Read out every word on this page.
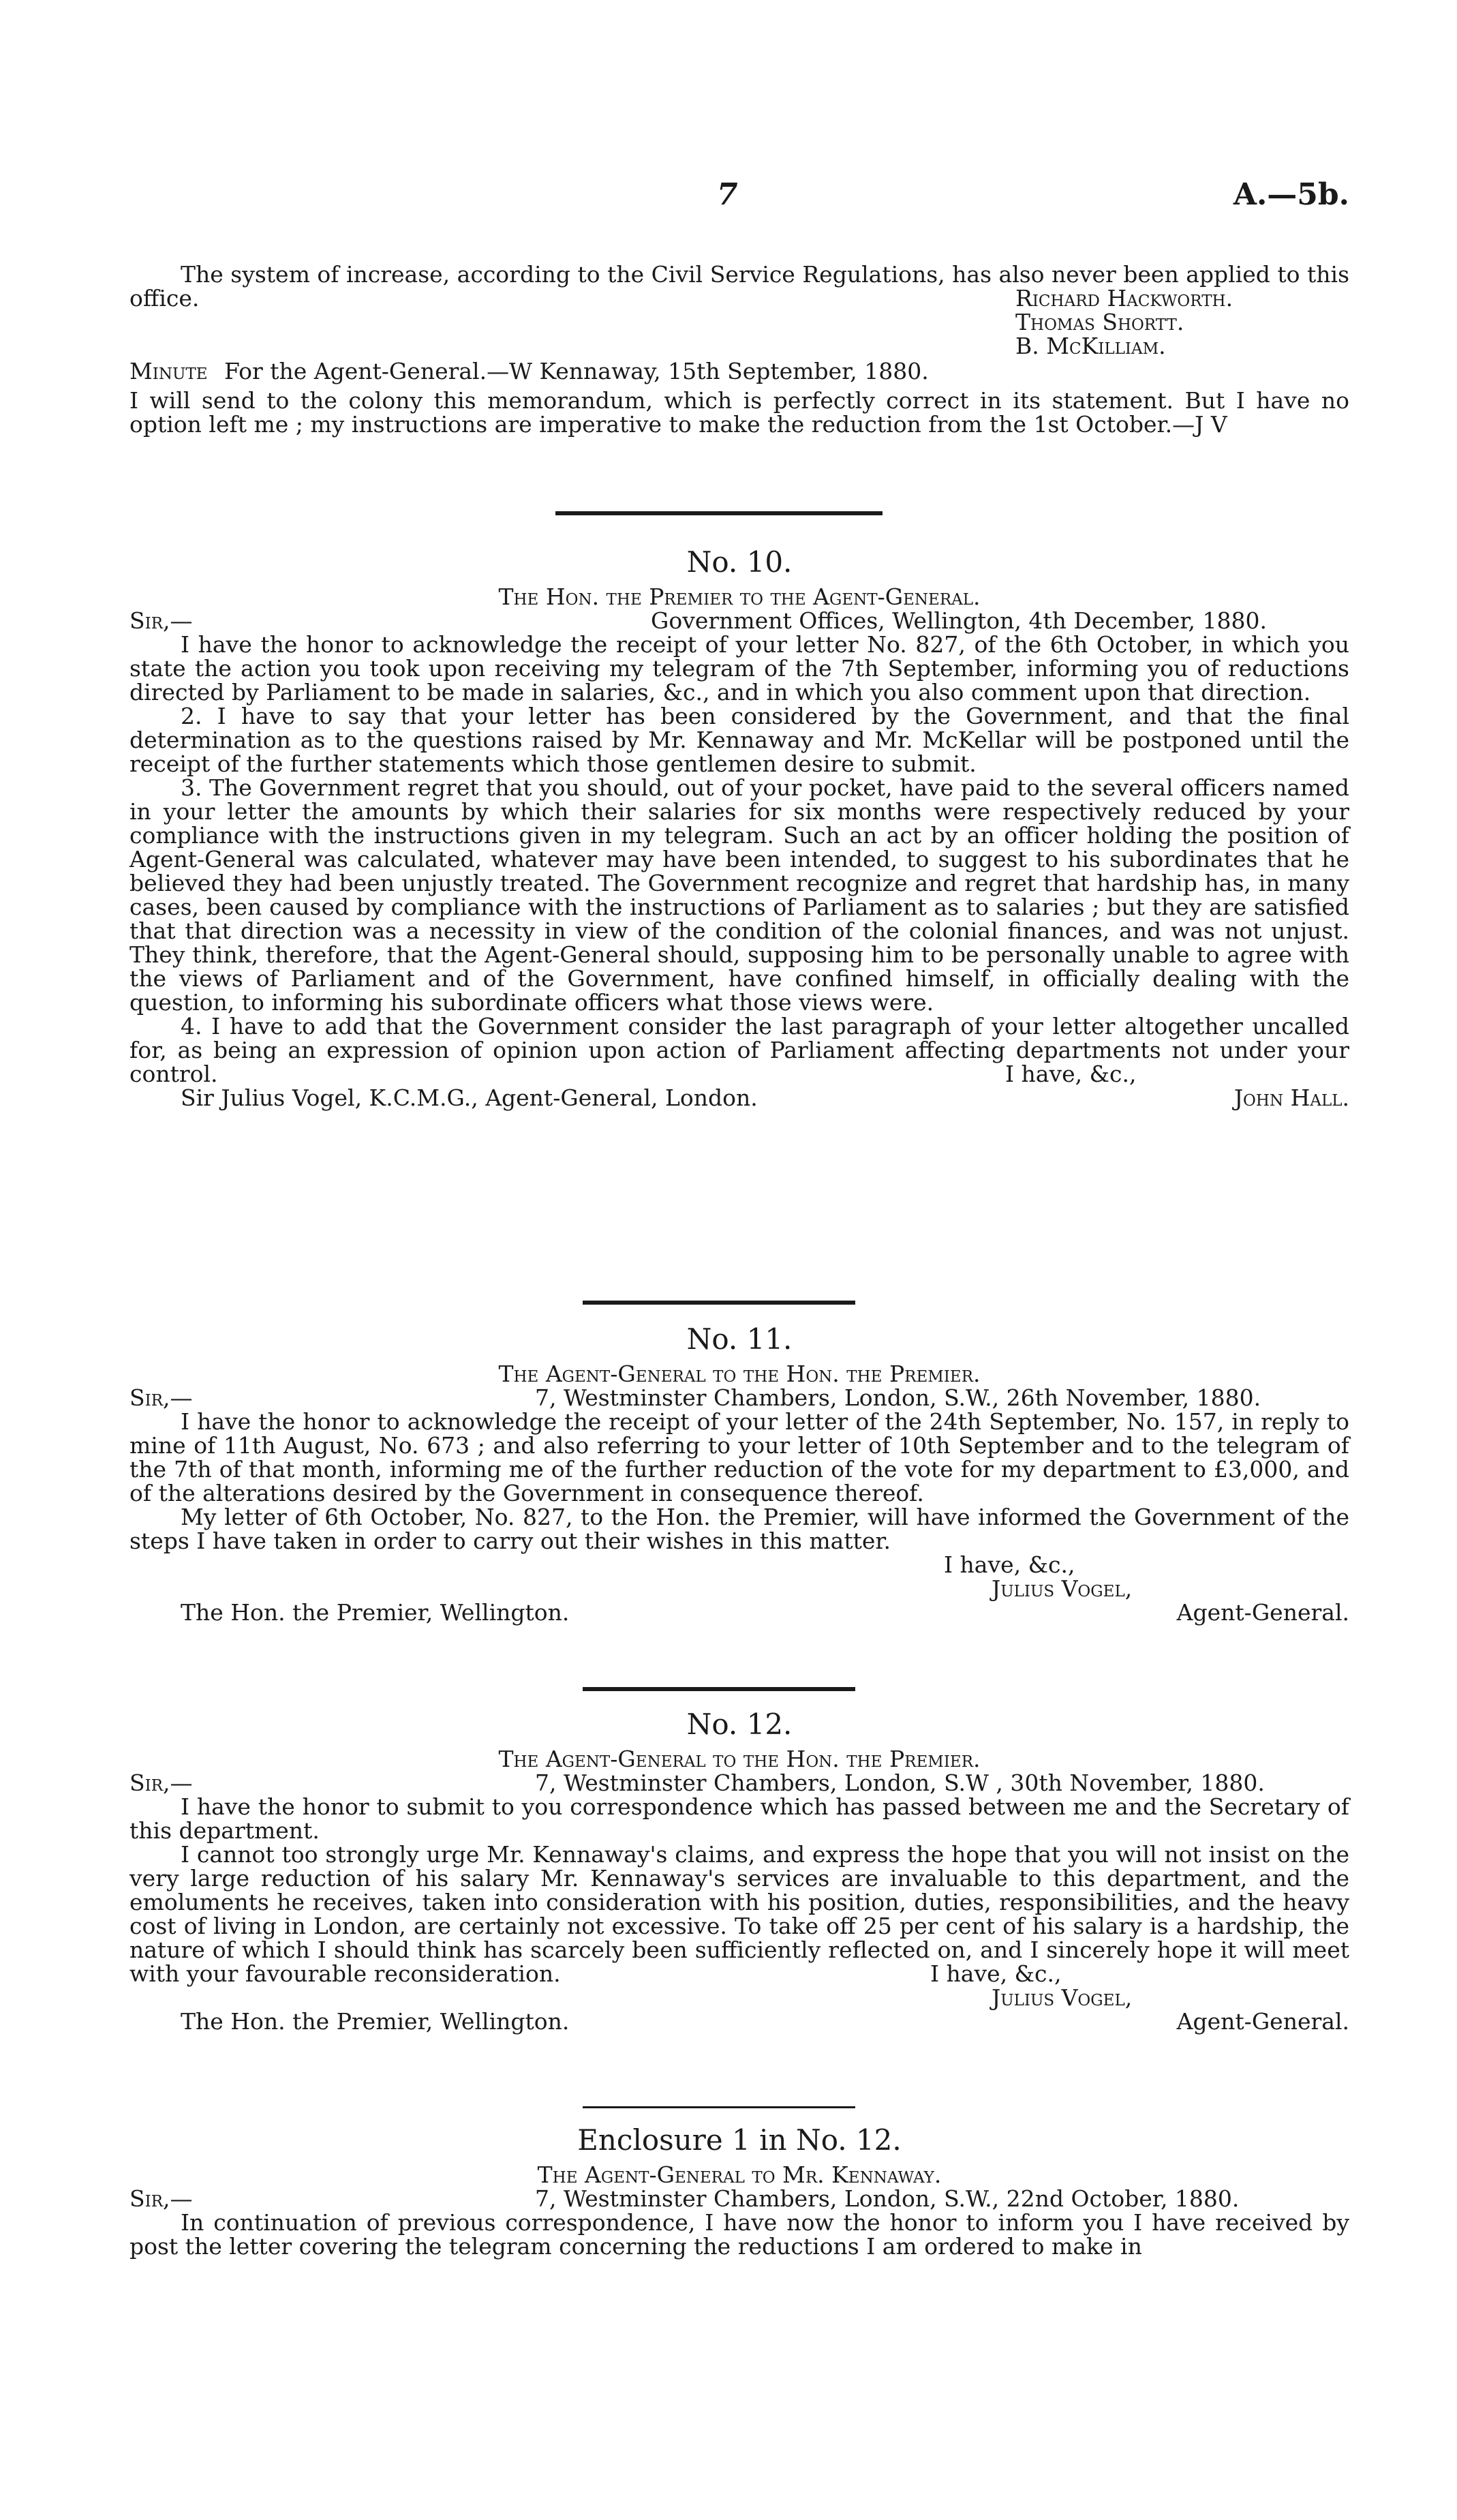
7	A.—5b.

The system of increase, according to the Civil Service Regulations, has also never been applied to this office.	Richard Hackworth.
Thomas Shortt.
B. McKilliam.

Minute For the Agent-General.—W Kennaway, 15th September, 1880.

I will send to the colony this memorandum, which is perfectly correct in its statement. But I have no option left me ; my instructions are imperative to make the reduction from the 1st October.—J V

No. 10.
The Hon. the Premier to the Agent-General.
Sir,—	Government Offices, Wellington, 4th December, 1880.

I have the honor to acknowledge the receipt of your letter No. 827, of the 6th October, in which you state the action you took upon receiving my telegram of the 7th September, informing you of reductions directed by Parliament to be made in salaries, &c., and in which you also comment upon that direction.

2. I have to say that your letter has been considered by the Government, and that the final determination as to the questions raised by Mr. Kennaway and Mr. McKellar will be postponed until the receipt of the further statements which those gentlemen desire to submit.

3. The Government regret that you should, out of your pocket, have paid to the several officers named in your letter the amounts by which their salaries for six months were respectively reduced by your compliance with the instructions given in my telegram. Such an act by an officer holding the position of Agent-General was calculated, whatever may have been intended, to suggest to his subordinates that he believed they had been unjustly treated. The Government recognize and regret that hardship has, in many cases, been caused by compliance with the instructions of Parliament as to salaries ; but they are satisfied that that direction was a necessity in view of the condition of the colonial finances, and was not unjust. They think, therefore, that the Agent-General should, supposing him to be personally unable to agree with the views of Parliament and of the Government, have confined himself, in officially dealing with the question, to informing his subordinate officers what those views were.

4. I have to add that the Government consider the last paragraph of your letter altogether uncalled for, as being an expression of opinion upon action of Parliament affecting departments not under your control.	I have, &c.,
Sir Julius Vogel, K.C.M.G., Agent-General, London.	John Hall.
No. 11.
The Agent-General to the Hon. the Premier.
Sir,—	7, Westminster Chambers, London, S.W., 26th November, 1880.

I have the honor to acknowledge the receipt of your letter of the 24th September, No. 157, in reply to mine of 11th August, No. 673 ; and also referring to your letter of 10th September and to the telegram of the 7th of that month, informing me of the further reduction of the vote for my department to £3,000, and of the alterations desired by the Government in consequence thereof.

My letter of 6th October, No. 827, to the Hon. the Premier, will have informed the Government of the steps I have taken in order to carry out their wishes in this matter.

I have, &c.,
Julius Vogel,
The Hon. the Premier, Wellington.	Agent-General.
No. 12.
The Agent-General to the Hon. the Premier.
Sir,—	7, Westminster Chambers, London, S.W , 30th November, 1880.

I have the honor to submit to you correspondence which has passed between me and the Secretary of this department.

I cannot too strongly urge Mr. Kennaway's claims, and express the hope that you will not insist on the very large reduction of his salary Mr. Kennaway's services are invaluable to this department, and the emoluments he receives, taken into consideration with his position, duties, responsibilities, and the heavy cost of living in London, are certainly not excessive. To take off 25 per cent of his salary is a hardship, the nature of which I should think has scarcely been sufficiently reflected on, and I sincerely hope it will meet with your favourable reconsideration.	I have, &c.,
Julius Vogel,
The Hon. the Premier, Wellington.	Agent-General.
Enclosure 1 in No. 12.
The Agent-General to Mr. Kennaway.
Sir,—	7, Westminster Chambers, London, S.W., 22nd October, 1880.

In continuation of previous correspondence, I have now the honor to inform you I have received by post the letter covering the telegram concerning the reductions I am ordered to make in
